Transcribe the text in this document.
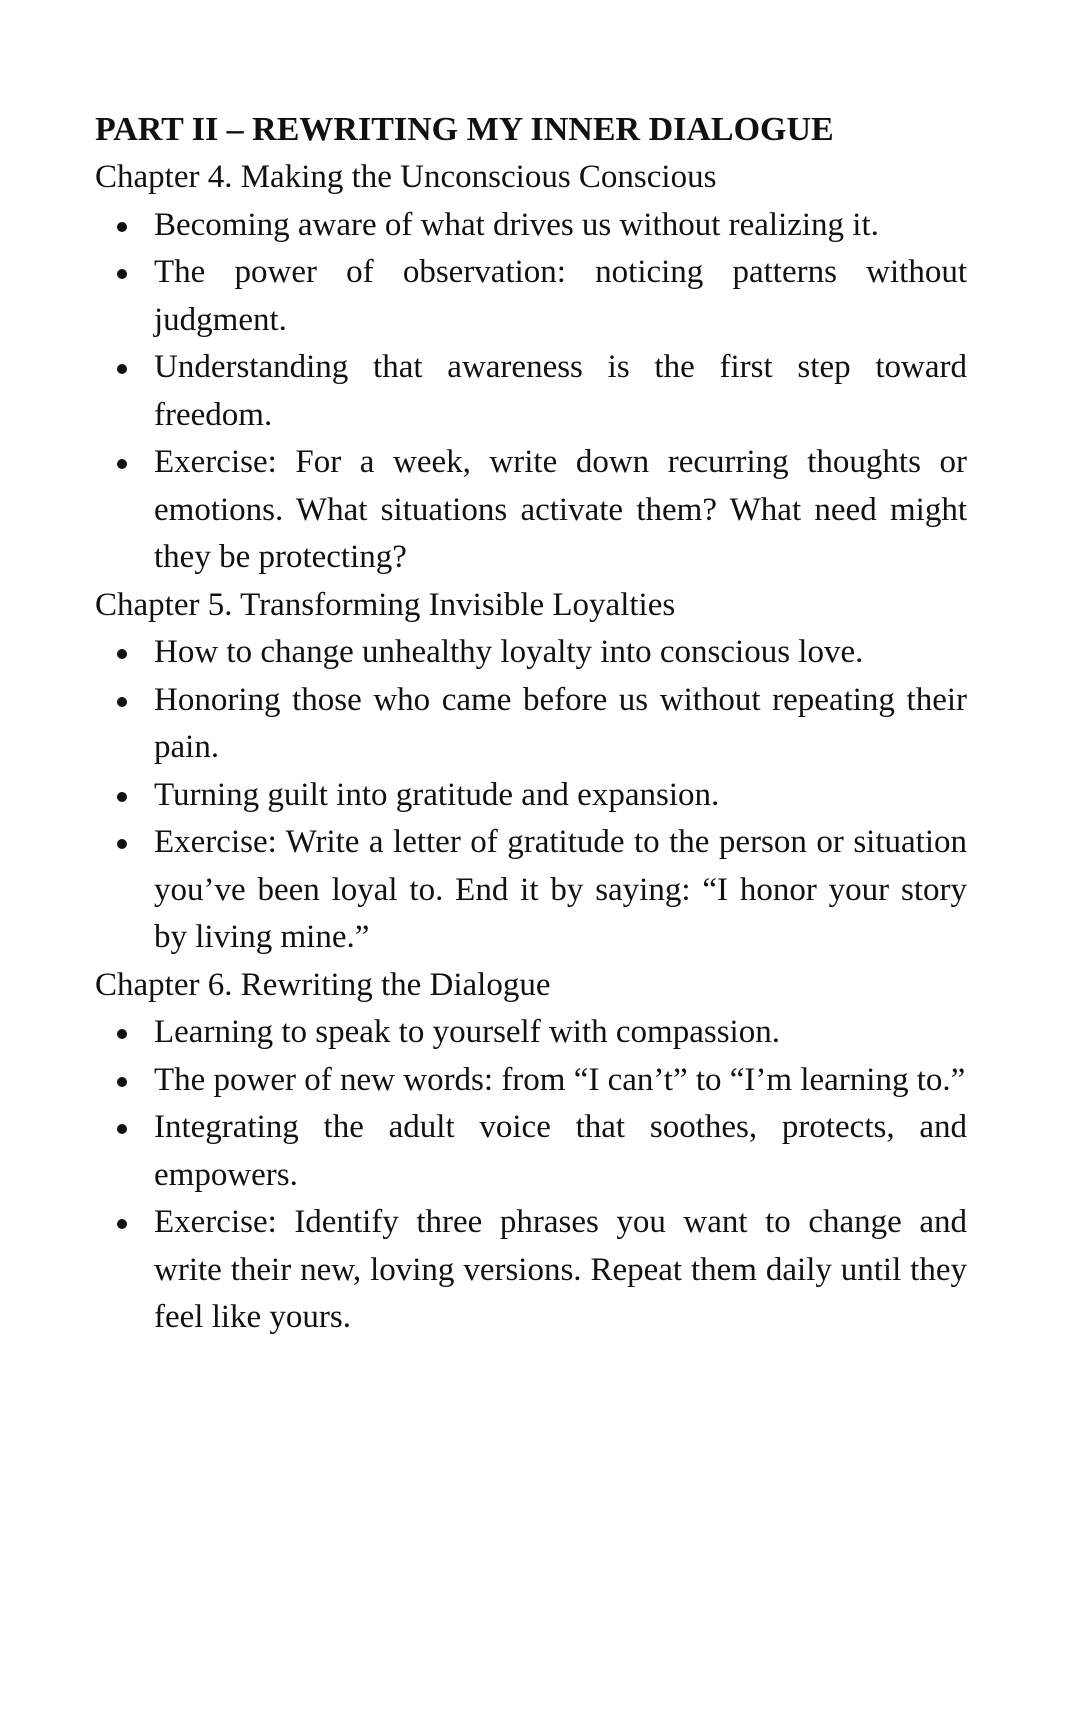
PART II – REWRITING MY INNER DIALOGUE
Chapter 4. Making the Unconscious Conscious
Becoming aware of what drives us without realizing it.
The power of observation: noticing patterns without judgment.
Understanding that awareness is the first step toward freedom.
Exercise: For a week, write down recurring thoughts or emotions. What situations activate them? What need might they be protecting?
Chapter 5. Transforming Invisible Loyalties
How to change unhealthy loyalty into conscious love.
Honoring those who came before us without repeating their pain.
Turning guilt into gratitude and expansion.
Exercise: Write a letter of gratitude to the person or situation you’ve been loyal to. End it by saying: “I honor your story by living mine.”
Chapter 6. Rewriting the Dialogue
Learning to speak to yourself with compassion.
The power of new words: from “I can’t” to “I’m learning to.”
Integrating the adult voice that soothes, protects, and empowers.
Exercise: Identify three phrases you want to change and write their new, loving versions. Repeat them daily until they feel like yours.
